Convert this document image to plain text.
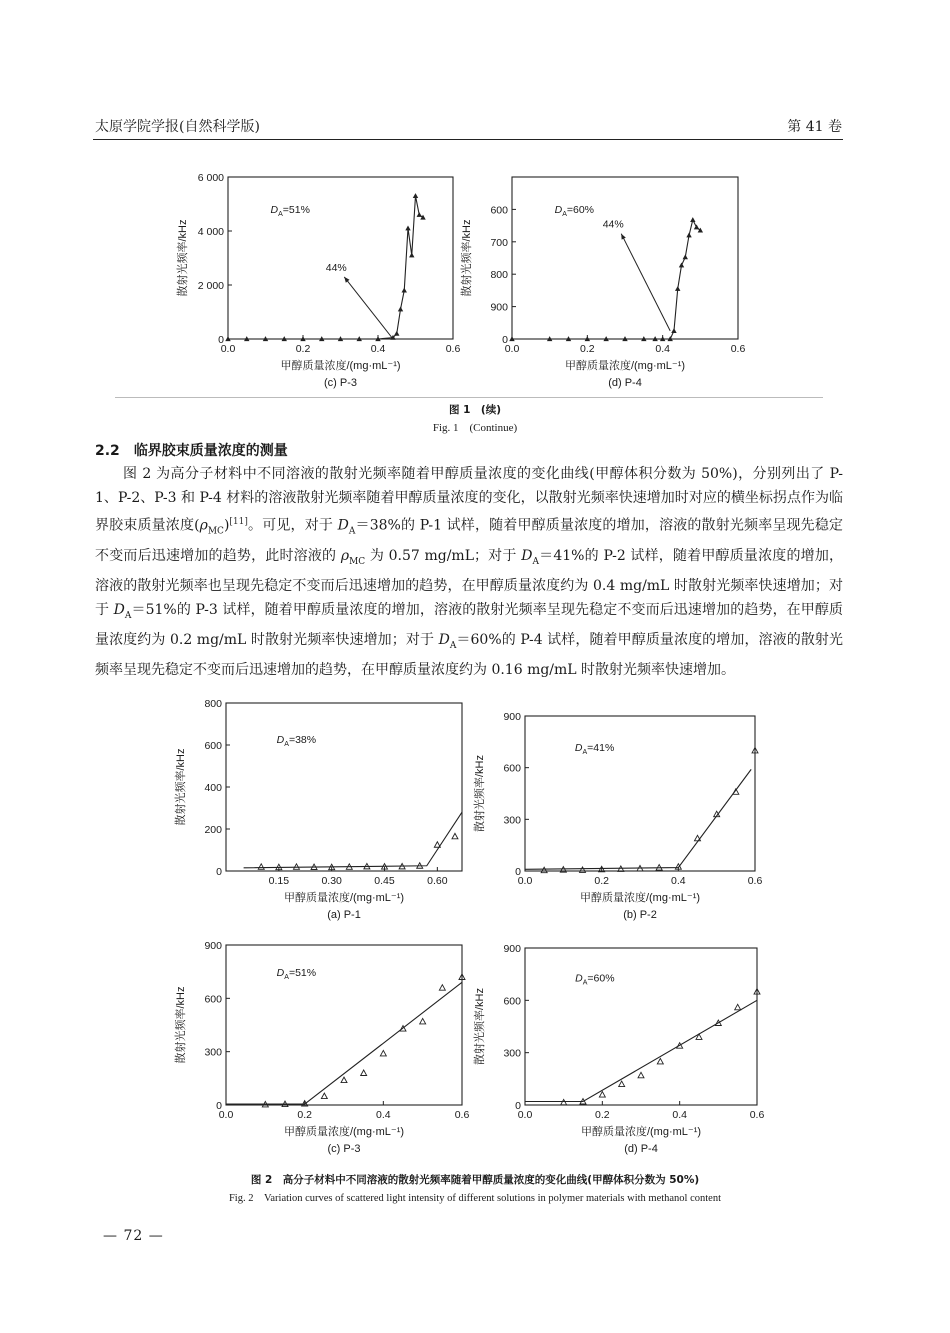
太原学院学报(自然科学版)	第 41 卷
0.0	0.2	0.4	0.6
0
2 000
4 000
6 000
甲醇质量浓度/(mg·mL⁻¹)
散射光频率/kHz
(c) P-3
$D_A=51\%$
44%
0.0	0.2	0.4	0.6
0
900
800
700
600
甲醇质量浓度/(mg·mL⁻¹)
散射光频率/kHz
(d) P-4
$D_A=60\%$
44%
图 1　(续)
Fig. 1　(Continue)
2.2 临界胶束质量浓度的测量

图 2 为高分子材料中不同溶液的散射光频率随着甲醇质量浓度的变化曲线(甲醇体积分数为 50%)，分别列出了 P-1、P-2、P-3 和 P-4 材料的溶液散射光频率随着甲醇质量浓度的变化，以散射光频率快速增加时对应的横坐标拐点作为临界胶束质量浓度$(\rho_{MC})[11]$。可见，对于 $D_A=38\%$的 P-1 试样，随着甲醇质量浓度的增加，溶液的散射光频率呈现先稳定不变而后迅速增加的趋势，此时溶液的 $\rho_{MC}$ 为 0.57 mg/mL；对于 $D_A=41\%$的 P-2 试样，随着甲醇质量浓度的增加，溶液的散射光频率也呈现先稳定不变而后迅速增加的趋势，在甲醇质量浓度约为 0.4 mg/mL 时散射光频率快速增加；对于 $D_A=51\%$的 P-3 试样，随着甲醇质量浓度的增加，溶液的散射光频率呈现先稳定不变而后迅速增加的趋势，在甲醇质量浓度约为 0.2 mg/mL 时散射光频率快速增加；对于 $D_A=60\%$的 P-4 试样，随着甲醇质量浓度的增加，溶液的散射光频率呈现先稳定不变而后迅速增加的趋势，在甲醇质量浓度约为 0.16 mg/mL 时散射光频率快速增加。

0.15	0.30	0.45	0.60
0
200
400
600
800
甲醇质量浓度/(mg·mL⁻¹)
散射光频率/kHz
(a) P-1
$D_A=38\%$
0.0	0.2	0.4	0.6
0
300
600
900
甲醇质量浓度/(mg·mL⁻¹)
散射光频率/kHz
(b) P-2
$D_A=41\%$
0.0	0.2	0.4	0.6
0
300
600
900
甲醇质量浓度/(mg·mL⁻¹)
散射光频率/kHz
(c) P-3
$D_A=51\%$
0.0	0.2	0.4	0.6
0
300
600
900
甲醇质量浓度/(mg·mL⁻¹)
散射光频率/kHz
(d) P-4
$D_A=60\%$
图 2　高分子材料中不同溶液的散射光频率随着甲醇质量浓度的变化曲线(甲醇体积分数为 50%)
Fig. 2　Variation curves of scattered light intensity of different solutions in polymer materials with methanol content
— 72 —
